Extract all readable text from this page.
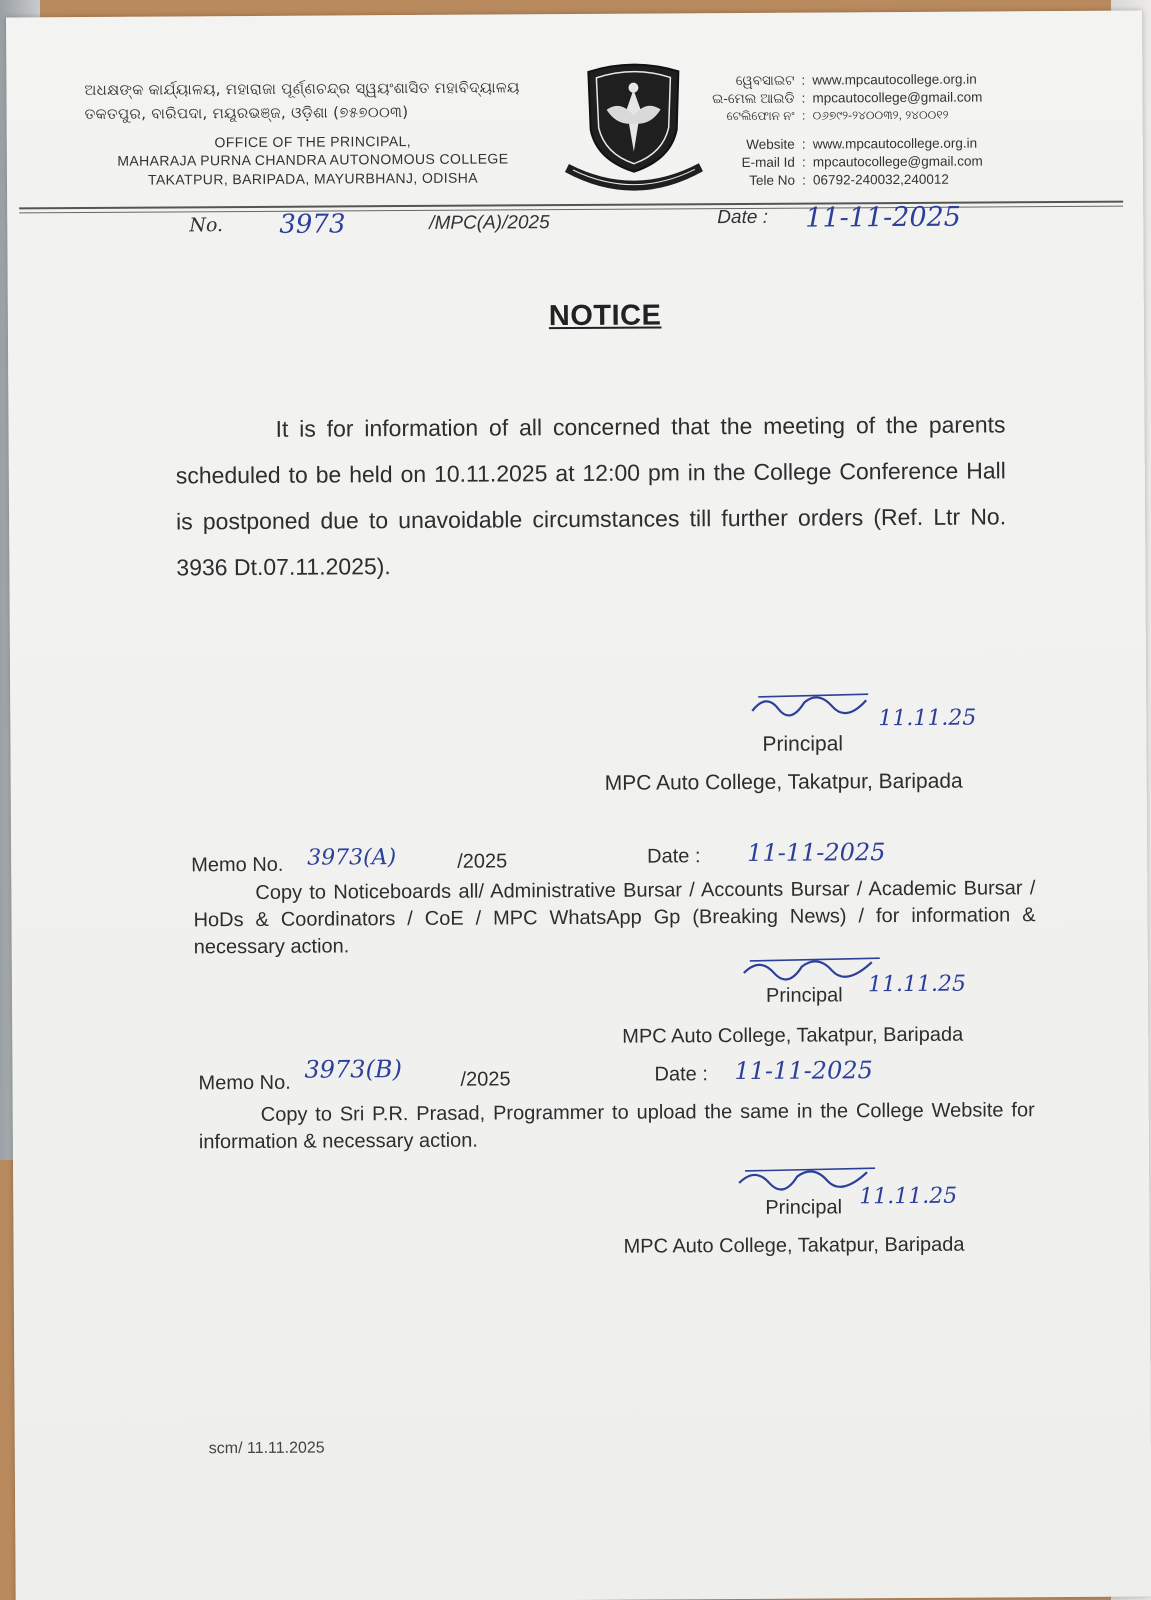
ଅଧକ୍ଷଙ୍କ କାର୍ଯ୍ୟାଳୟ, ମହାରାଜା ପୂର୍ଣ୍ଣଚନ୍ଦ୍ର ସ୍ୱୟଂଶାସିତ ମହାବିଦ୍ୟାଳୟ
ତକତପୁର, ବାରିପଦା, ମୟୂରଭଞ୍ଜ, ଓଡ଼ିଶା (୭୫୭୦୦୩)
OFFICE OF THE PRINCIPAL,
MAHARAJA PURNA CHANDRA AUTONOMOUS COLLEGE
TAKATPUR, BARIPADA, MAYURBHANJ, ODISHA
ୱେବସାଇଟ : www.mpcautocollege.org.in
ଇ-ମେଲ ଆଇଡି : mpcautocollege@gmail.com
ଟେଲିଫୋନ ନଂ : ୦୬୭୯୨-୨୪୦୦୩୨, ୨୪୦୦୧୨
Website : www.mpcautocollege.org.in
E-mail Id : mpcautocollege@gmail.com
Tele No : 06792-240032,240012
No. 3973	/MPC(A)/2025	Date : 11-11-2025
NOTICE
It is for information of all concerned that the meeting of the parents scheduled to be held on 10.11.2025 at 12:00 pm in the College Conference Hall is postponed due to unavoidable circumstances till further orders (Ref. Ltr No. 3936 Dt.07.11.2025).
11.11.25
Principal
MPC Auto College, Takatpur, Baripada
Memo No. 3973(A)	/2025	Date : 11-11-2025
Copy to Noticeboards all/ Administrative Bursar / Accounts Bursar / Academic Bursar / HoDs & Coordinators / CoE / MPC WhatsApp Gp (Breaking News) / for information & necessary action.
11.11.25
Principal
MPC Auto College, Takatpur, Baripada
Memo No. 3973(B)	/2025	Date : 11-11-2025
Copy to Sri P.R. Prasad, Programmer to upload the same in the College Website for information & necessary action.
11.11.25
Principal
MPC Auto College, Takatpur, Baripada
scm/ 11.11.2025
